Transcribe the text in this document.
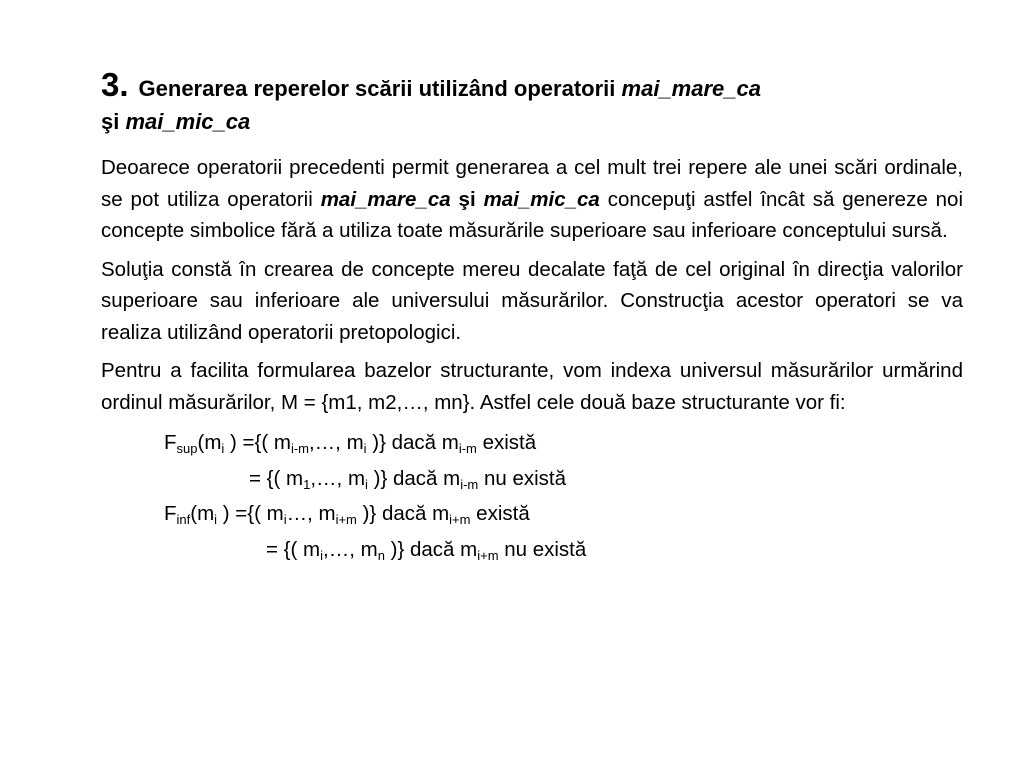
3. Generarea reperelor scării utilizând operatorii mai_mare_ca
şi mai_mic_ca

Deoarece operatorii precedenti permit generarea a cel mult trei repere ale unei scări ordinale, se pot utiliza operatorii mai_mare_ca şi mai_mic_ca concepuţi astfel încât să genereze noi concepte simbolice fără a utiliza toate măsurările superioare sau inferioare conceptului sursă.

Soluţia constă în crearea de concepte mereu decalate faţă de cel original în direcţia valorilor superioare sau inferioare ale universului măsurărilor. Construcţia acestor operatori se va realiza utilizând operatorii pretopologici.

Pentru a facilita formularea bazelor structurante, vom indexa universul măsurărilor urmărind ordinul măsurărilor, M = {m1, m2,…, mn}. Astfel cele două baze structurante vor fi:

$F_{sup}(m_i$ ) ={( $m_{i-m},\dots$, $m_i$ )} dacă $m_{i-m}$ există
= {( $m_1,\dots$, $m_i$ )} dacă $m_{i-m}$ nu există
$F_{inf}(m_i$ ) ={( $m_i\dots$, $m_{i+m}$ )} dacă $m_{i+m}$ există
= {( $m_i,\dots$, $m_n$ )} dacă $m_{i+m}$ nu există
